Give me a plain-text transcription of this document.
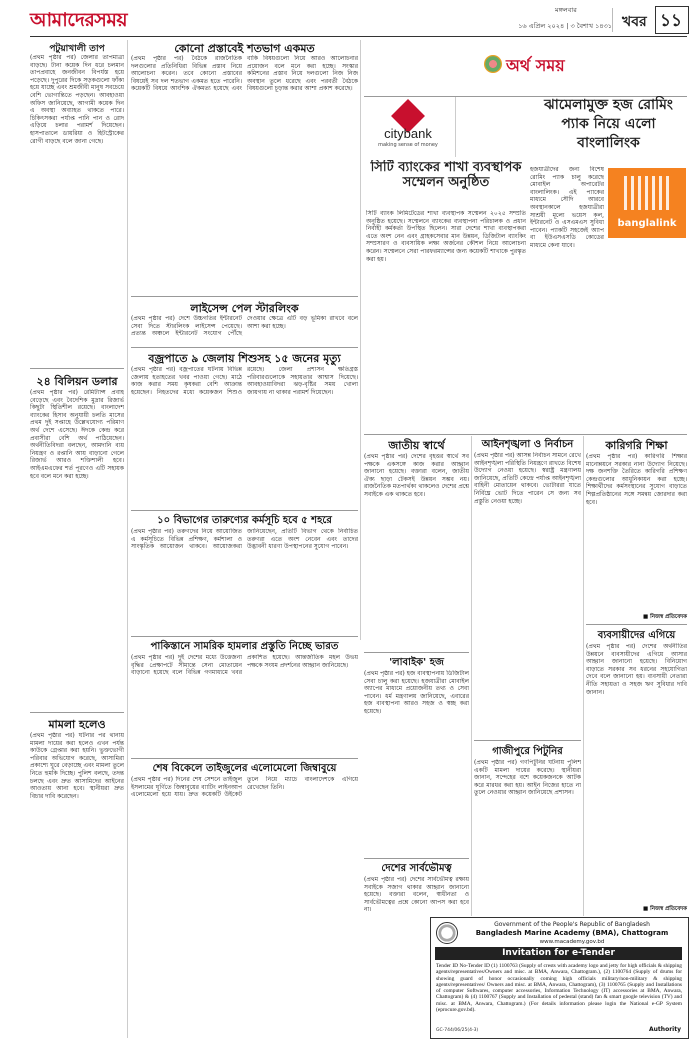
আমাদেরসময়	মঙ্গলবার
১৬ এপ্রিল ২০২৪ | ৩ বৈশাখ ১৪৩১ খবর ১১
পটুয়াখালী তাপ
(প্রথম পৃষ্ঠার পর) জেলার তাপমাত্রা বাড়ছে। টানা কয়েক দিন ধরে চলমান তাপপ্রবাহে জনজীবন বিপর্যস্ত হয়ে পড়েছে। দুপুরের দিকে সড়কগুলো ফাঁকা হয়ে যাচ্ছে এবং শ্রমজীবী মানুষ সবচেয়ে বেশি ভোগান্তিতে পড়ছেন। আবহাওয়া অফিস জানিয়েছে, আগামী কয়েক দিন এ অবস্থা অব্যাহত থাকতে পারে। চিকিৎসকরা পর্যাপ্ত পানি পান ও রোদ এড়িয়ে চলার পরামর্শ দিয়েছেন। হাসপাতালে ডায়রিয়া ও হিটস্ট্রোকের রোগী বাড়ছে বলে জানা গেছে।
২৪ বিলিয়ন ডলার
(প্রথম পৃষ্ঠার পর) রেমিট্যান্স প্রবাহ বেড়েছে এবং বৈদেশিক মুদ্রার রিজার্ভ কিছুটা স্থিতিশীল রয়েছে। বাংলাদেশ ব্যাংকের হিসাব অনুযায়ী চলতি মাসের প্রথম দুই সপ্তাহে উল্লেখযোগ্য পরিমাণ অর্থ দেশে এসেছে। ঈদকে কেন্দ্র করে প্রবাসীরা বেশি অর্থ পাঠিয়েছেন। অর্থনীতিবিদরা বলছেন, আমদানি ব্যয় নিয়ন্ত্রণ ও রপ্তানি আয় বাড়ানো গেলে রিজার্ভ আরও শক্তিশালী হবে। আইএমএফের শর্ত পূরণেও এটি সহায়ক হবে বলে মনে করা হচ্ছে।
মামলা হলেও
(প্রথম পৃষ্ঠার পর) ঘটনার পর থানায় মামলা দায়ের করা হলেও এখন পর্যন্ত কাউকে গ্রেপ্তার করা হয়নি। ভুক্তভোগী পরিবার অভিযোগ করেছে, আসামিরা প্রকাশ্যে ঘুরে বেড়াচ্ছে এবং মামলা তুলে নিতে হুমকি দিচ্ছে। পুলিশ বলছে, তদন্ত চলছে এবং দ্রুত আসামিদের আইনের আওতায় আনা হবে। স্থানীয়রা দ্রুত বিচার দাবি করেছেন।
কোনো প্রস্তাবেই শতভাগ একমত
(প্রথম পৃষ্ঠার পর) বৈঠকে রাজনৈতিক দলগুলোর প্রতিনিধিরা বিভিন্ন প্রস্তাব নিয়ে আলোচনা করেন। তবে কোনো প্রস্তাবের বিষয়েই সব দল শতভাগ একমত হতে পারেনি। কয়েকটি বিষয়ে আংশিক ঐকমত্য হয়েছে এবং বাকি বিষয়গুলো নিয়ে আরও আলোচনার প্রয়োজন বলে মনে করা হচ্ছে। সংস্কার কমিশনের প্রস্তাব নিয়ে দলগুলো নিজ নিজ অবস্থান তুলে ধরেছে এবং পরবর্তী বৈঠকে বিষয়গুলো চূড়ান্ত করার আশা প্রকাশ করেছে।
লাইসেন্স পেল স্টারলিংক
(প্রথম পৃষ্ঠার পর) দেশে উচ্চগতির ইন্টারনেট সেবা দিতে স্টারলিংক লাইসেন্স পেয়েছে। প্রত্যন্ত অঞ্চলে ইন্টারনেট সংযোগ পৌঁছে দেওয়ার ক্ষেত্রে এটি বড় ভূমিকা রাখবে বলে আশা করা হচ্ছে।
বজ্রপাতে ৯ জেলায় শিশুসহ ১৫ জনের মৃত্যু
(প্রথম পৃষ্ঠার পর) বজ্রপাতের ঘটনায় বিভিন্ন জেলায় হতাহতের খবর পাওয়া গেছে। মাঠে কাজ করার সময় কৃষকরা বেশি আক্রান্ত হয়েছেন। নিহতদের মধ্যে কয়েকজন শিশুও রয়েছে। জেলা প্রশাসন ক্ষতিগ্রস্ত পরিবারগুলোকে সহায়তার আশ্বাস দিয়েছে। আবহাওয়াবিদরা ঝড়-বৃষ্টির সময় খোলা জায়গায় না থাকার পরামর্শ দিয়েছেন।
১০ বিভাগের তারুণ্যের কর্মসূচি হবে ৫ শহরে
(প্রথম পৃষ্ঠার পর) তরুণদের নিয়ে আয়োজিত এ কর্মসূচিতে বিভিন্ন প্রশিক্ষণ, কর্মশালা ও সাংস্কৃতিক আয়োজন থাকবে। আয়োজকরা জানিয়েছেন, প্রতিটি বিভাগ থেকে নির্বাচিত তরুণরা এতে অংশ নেবেন এবং তাদের উদ্ভাবনী ধারণা উপস্থাপনের সুযোগ পাবেন।
পাকিস্তানে সামরিক হামলার প্রস্তুতি নিচ্ছে ভারত
(প্রথম পৃষ্ঠার পর) দুই দেশের মধ্যে উত্তেজনা বৃদ্ধির প্রেক্ষাপটে সীমান্তে সেনা মোতায়েন বাড়ানো হয়েছে বলে বিভিন্ন গণমাধ্যমে খবর প্রকাশিত হয়েছে। আন্তর্জাতিক মহল উভয় পক্ষকে সংযম প্রদর্শনের আহ্বান জানিয়েছে।
শেষ বিকেলে তাইজুলের এলোমেলো জিম্বাবুয়ে
(প্রথম পৃষ্ঠার পর) দিনের শেষ সেশনে তাইজুল ইসলামের ঘূর্ণিতে জিম্বাবুয়ের ব্যাটিং লাইনআপ এলোমেলো হয়ে যায়। দ্রুত কয়েকটি উইকেট তুলে নিয়ে ম্যাচে বাংলাদেশকে এগিয়ে রেখেছেন তিনি।
অর্থ সময়
citybank
making sense of money
সিটি ব্যাংকের শাখা ব্যবস্থাপক সম্মেলন অনুষ্ঠিত
সিটি ব্যাংক লিমিটেডের শাখা ব্যবস্থাপক সম্মেলন ২০২৫ সম্প্রতি অনুষ্ঠিত হয়েছে। সম্মেলনে ব্যাংকের ব্যবস্থাপনা পরিচালক ও প্রধান নির্বাহী কর্মকর্তা উপস্থিত ছিলেন। সারা দেশের শাখা ব্যবস্থাপকরা এতে অংশ নেন এবং গ্রাহকসেবার মান উন্নয়ন, ডিজিটাল ব্যাংকিং সম্প্রসারণ ও ব্যবসায়িক লক্ষ্য অর্জনের কৌশল নিয়ে আলোচনা করেন। সম্মেলনে সেরা পারফরম্যান্সের জন্য কয়েকটি শাখাকে পুরস্কৃত করা হয়।
ঝামেলামুক্ত হজ রোমিং প্যাক নিয়ে এলো বাংলালিংক
banglalink
হজযাত্রীদের জন্য বিশেষ রোমিং প্যাক চালু করেছে মোবাইল অপারেটর বাংলালিংক। এই প্যাকের মাধ্যমে সৌদি আরবে অবস্থানকালে হজযাত্রীরা সাশ্রয়ী মূল্যে ভয়েস কল, ইন্টারনেট ও এসএমএস সুবিধা পাবেন। প্যাকটি সহজেই অ্যাপ বা ইউএসএসডি কোডের মাধ্যমে কেনা যাবে।
জাতীয় স্বার্থে
(প্রথম পৃষ্ঠার পর) দেশের বৃহত্তর স্বার্থে সব পক্ষকে একসঙ্গে কাজ করার আহ্বান জানানো হয়েছে। বক্তারা বলেন, জাতীয় ঐক্য ছাড়া টেকসই উন্নয়ন সম্ভব নয়। রাজনৈতিক মতপার্থক্য থাকলেও দেশের প্রশ্নে সবাইকে এক থাকতে হবে।
'লাবাইক' হজ
(প্রথম পৃষ্ঠার পর) হজ ব্যবস্থাপনায় ডিজিটাল সেবা চালু করা হয়েছে। হজযাত্রীরা মোবাইল অ্যাপের মাধ্যমে প্রয়োজনীয় তথ্য ও সেবা পাবেন। ধর্ম মন্ত্রণালয় জানিয়েছে, এবারের হজ ব্যবস্থাপনা আরও সহজ ও স্বচ্ছ করা হয়েছে।
দেশের সার্বভৌমত্ব
(প্রথম পৃষ্ঠার পর) দেশের সার্বভৌমত্ব রক্ষায় সবাইকে সজাগ থাকার আহ্বান জানানো হয়েছে। বক্তারা বলেন, স্বাধীনতা ও সার্বভৌমত্বের প্রশ্নে কোনো আপস করা হবে না।
আইনশৃঙ্খলা ও নির্বাচন
(প্রথম পৃষ্ঠার পর) আসন্ন নির্বাচন সামনে রেখে আইনশৃঙ্খলা পরিস্থিতি নিয়ন্ত্রণে রাখতে বিশেষ উদ্যোগ নেওয়া হয়েছে। স্বরাষ্ট্র মন্ত্রণালয় জানিয়েছে, প্রতিটি কেন্দ্রে পর্যাপ্ত আইনশৃঙ্খলা বাহিনী মোতায়েন থাকবে। ভোটাররা যাতে নির্বিঘ্নে ভোট দিতে পারেন সে জন্য সব প্রস্তুতি নেওয়া হচ্ছে।
গাজীপুরে পিটুনির
(প্রথম পৃষ্ঠার পর) গণপিটুনির ঘটনায় পুলিশ একটি মামলা দায়ের করেছে। স্থানীয়রা জানান, সন্দেহের বশে কয়েকজনকে আটক করে মারধর করা হয়। আইন নিজের হাতে না তুলে নেওয়ার আহ্বান জানিয়েছে প্রশাসন।
কারিগরি শিক্ষা
(প্রথম পৃষ্ঠার পর) কারিগরি শিক্ষার মানোন্নয়নে সরকার নানা উদ্যোগ নিয়েছে। দক্ষ জনশক্তি তৈরিতে কারিগরি প্রশিক্ষণ কেন্দ্রগুলোর আধুনিকায়ন করা হচ্ছে। শিক্ষার্থীদের কর্মসংস্থানের সুযোগ বাড়াতে শিল্পপ্রতিষ্ঠানের সঙ্গে সমন্বয় জোরদার করা হবে।
■ নিজস্ব প্রতিবেদক
ব্যবসায়ীদের এগিয়ে
(প্রথম পৃষ্ঠার পর) দেশের অর্থনীতির উন্নয়নে ব্যবসায়ীদের এগিয়ে আসার আহ্বান জানানো হয়েছে। বিনিয়োগ বাড়াতে সরকার সব ধরনের সহযোগিতা দেবে বলে জানানো হয়। ব্যবসায়ী নেতারা নীতি সহায়তা ও সহজ ঋণ সুবিধার দাবি জানান।
■ নিজস্ব প্রতিবেদক
Government of the People's Republic of Bangladesh
Bangladesh Marine Academy (BMA), Chattogram
www.macademy.gov.bd
Invitation for e-Tender
Tender ID No-Tender ID (1) 1100763 (Supply of crests with academy logo and jetty for high officials & shipping agents/representatives/Owners and misc. at BMA, Anwara, Chattogram.), (2) 1100764 (Supply of drums for showing guard of honor occasionally coming high officials military/non-military & shipping agents/representatives/ Owners and misc. at BMA, Anwara, Chattogram), (3) 1100765 (Supply and Installations of computer Softwares, computer accessories, Information Technology (IT) accessories at BMA, Anwara, Chattogram) & (4) 1100767 (Supply and Installation of pedestal (stand) fan & smart google television (TV) and misc. at BMA, Anwara, Chattogram.) (For details information please login the National e-GP System (eprocure.gov.bd).
GC-744/06/25(4-3)	Authority
